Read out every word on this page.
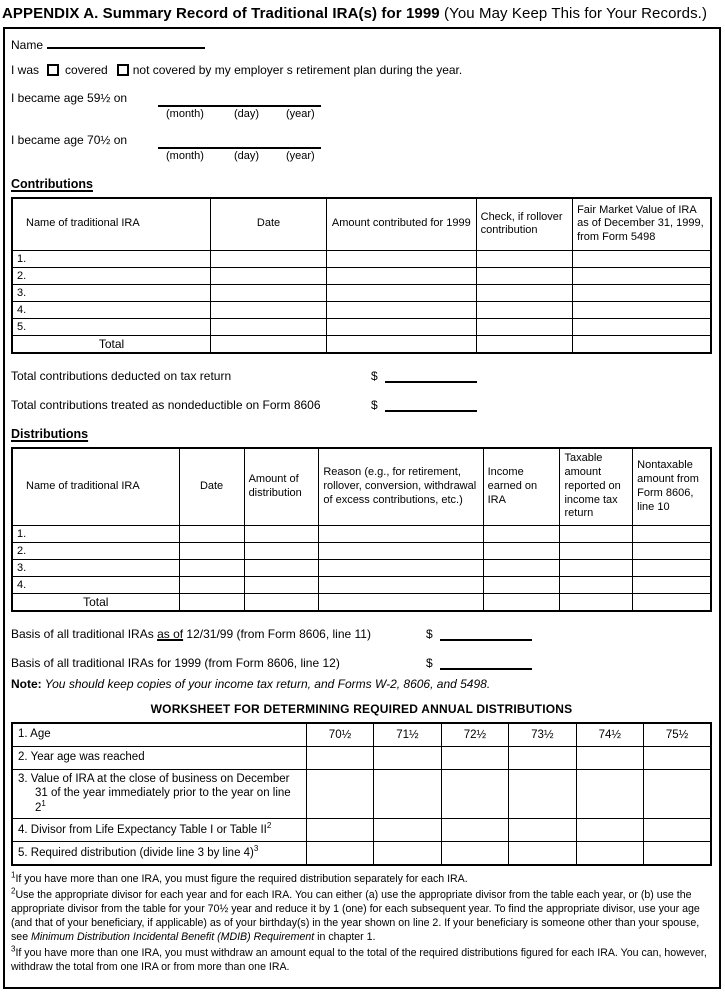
APPENDIX A. Summary Record of Traditional IRA(s) for 1999 (You May Keep This for Your Records.)
Name
I was covered not covered by my employer s retirement plan during the year.
I became age 59½ on
(month)	(day)	(year)
I became age 70½ on
(month)	(day)	(year)
Contributions
Name of traditional IRA	Date	Amount contributed for 1999	Check, if rollover contribution	Fair Market Value of IRA as of December 31, 1999, from Form 5498
1.				
2.				
3.				
4.				
5.				
Total				
Total contributions deducted on tax return	$
Total contributions treated as nondeductible on Form 8606	$
Distributions
Name of traditional IRA	Date	Amount of distribution	Reason (e.g., for retirement, rollover, conversion, withdrawal of excess contributions, etc.)	Income earned on IRA	Taxable amount reported on income tax return	Nontaxable amount from Form 8606, line 10
1.						
2.						
3.						
4.						
Total						
Basis of all traditional IRAs as of 12/31/99 (from Form 8606, line 11)	$
Basis of all traditional IRAs for 1999 (from Form 8606, line 12)	$
Note: You should keep copies of your income tax return, and Forms W-2, 8606, and 5498.
WORKSHEET FOR DETERMINING REQUIRED ANNUAL DISTRIBUTIONS
1. Age	70½	71½	72½	73½	74½	75½
2. Year age was reached						
3. Value of IRA at the close of business on December 31 of the year immediately prior to the year on line $2^1$						
4. Divisor from Life Expectancy Table I or Table $II^2$						
5. Required distribution (divide line 3 by line 4)$^3$						

$^1$If you have more than one IRA, you must figure the required distribution separately for each IRA.

$^2$Use the appropriate divisor for each year and for each IRA. You can either (a) use the appropriate divisor from the table each year, or (b) use the appropriate divisor from the table for your 70½ year and reduce it by 1 (one) for each subsequent year. To find the appropriate divisor, use your age (and that of your beneficiary, if applicable) as of your birthday(s) in the year shown on line 2. If your beneficiary is someone other than your spouse, see Minimum Distribution Incidental Benefit (MDIB) Requirement in chapter 1.

$^3$If you have more than one IRA, you must withdraw an amount equal to the total of the required distributions figured for each IRA. You can, however, withdraw the total from one IRA or from more than one IRA.
